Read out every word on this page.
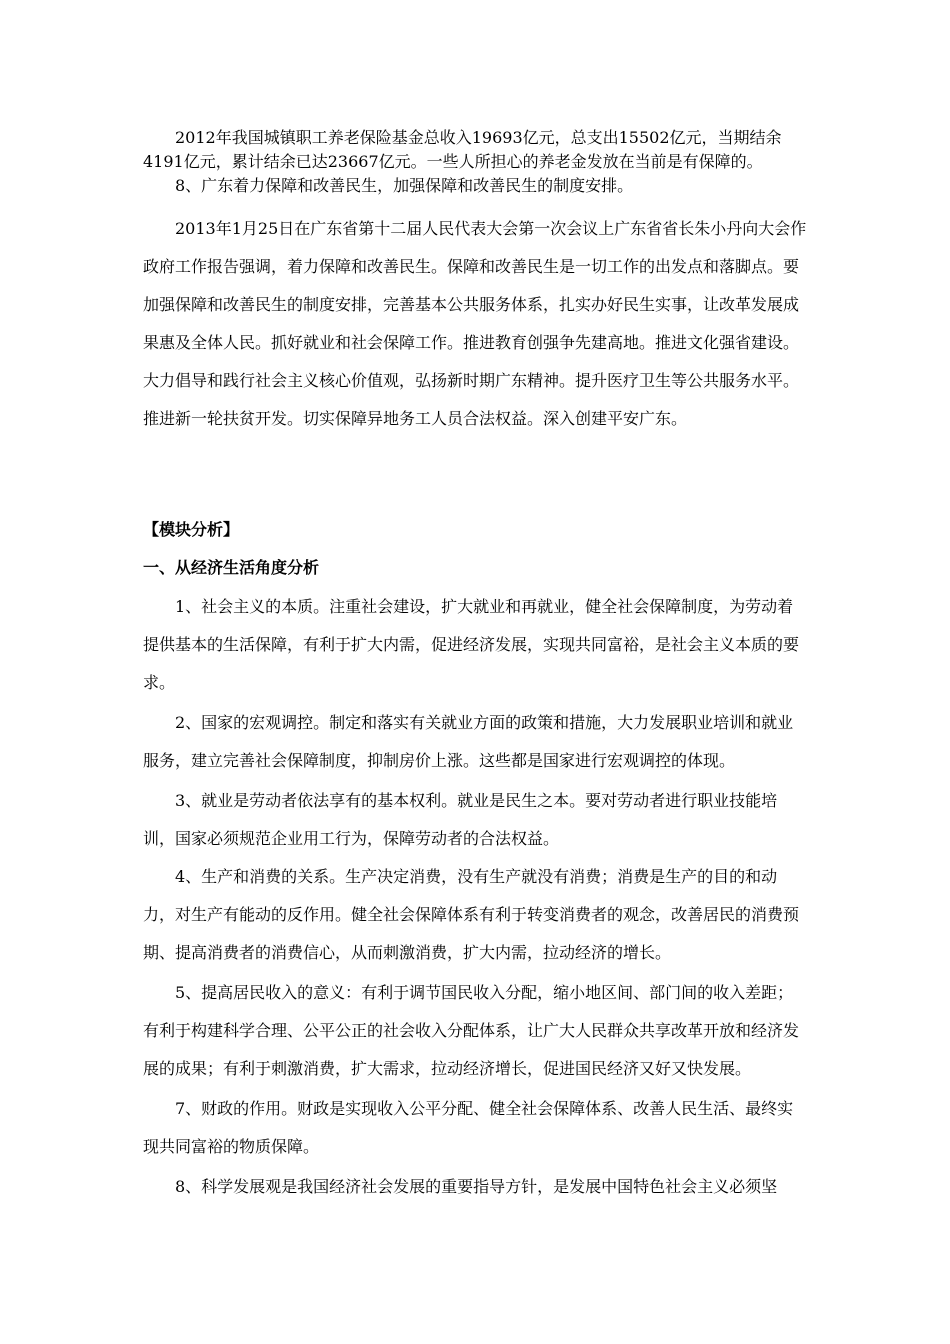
2012年我国城镇职工养老保险基金总收入19693亿元，总支出15502亿元，当期结余4191亿元，累计结余已达23667亿元。一些人所担心的养老金发放在当前是有保障的。

8、广东着力保障和改善民生，加强保障和改善民生的制度安排。

2013年1月25日在广东省第十二届人民代表大会第一次会议上广东省省长朱小丹向大会作政府工作报告强调，着力保障和改善民生。保障和改善民生是一切工作的出发点和落脚点。要加强保障和改善民生的制度安排，完善基本公共服务体系，扎实办好民生实事，让改革发展成果惠及全体人民。抓好就业和社会保障工作。推进教育创强争先建高地。推进文化强省建设。大力倡导和践行社会主义核心价值观，弘扬新时期广东精神。提升医疗卫生等公共服务水平。推进新一轮扶贫开发。切实保障异地务工人员合法权益。深入创建平安广东。

【模块分析】

一、从经济生活角度分析

1、社会主义的本质。注重社会建设，扩大就业和再就业，健全社会保障制度，为劳动着提供基本的生活保障，有利于扩大内需，促进经济发展，实现共同富裕，是社会主义本质的要求。

2、国家的宏观调控。制定和落实有关就业方面的政策和措施，大力发展职业培训和就业服务，建立完善社会保障制度，抑制房价上涨。这些都是国家进行宏观调控的体现。

3、就业是劳动者依法享有的基本权利。就业是民生之本。要对劳动者进行职业技能培训，国家必须规范企业用工行为，保障劳动者的合法权益。

4、生产和消费的关系。生产决定消费，没有生产就没有消费；消费是生产的目的和动力，对生产有能动的反作用。健全社会保障体系有利于转变消费者的观念，改善居民的消费预期、提高消费者的消费信心，从而刺激消费，扩大内需，拉动经济的增长。

5、提高居民收入的意义：有利于调节国民收入分配，缩小地区间、部门间的收入差距；有利于构建科学合理、公平公正的社会收入分配体系，让广大人民群众共享改革开放和经济发展的成果；有利于刺激消费，扩大需求，拉动经济增长，促进国民经济又好又快发展。

7、财政的作用。财政是实现收入公平分配、健全社会保障体系、改善人民生活、最终实现共同富裕的物质保障。

8、科学发展观是我国经济社会发展的重要指导方针，是发展中国特色社会主义必须坚
